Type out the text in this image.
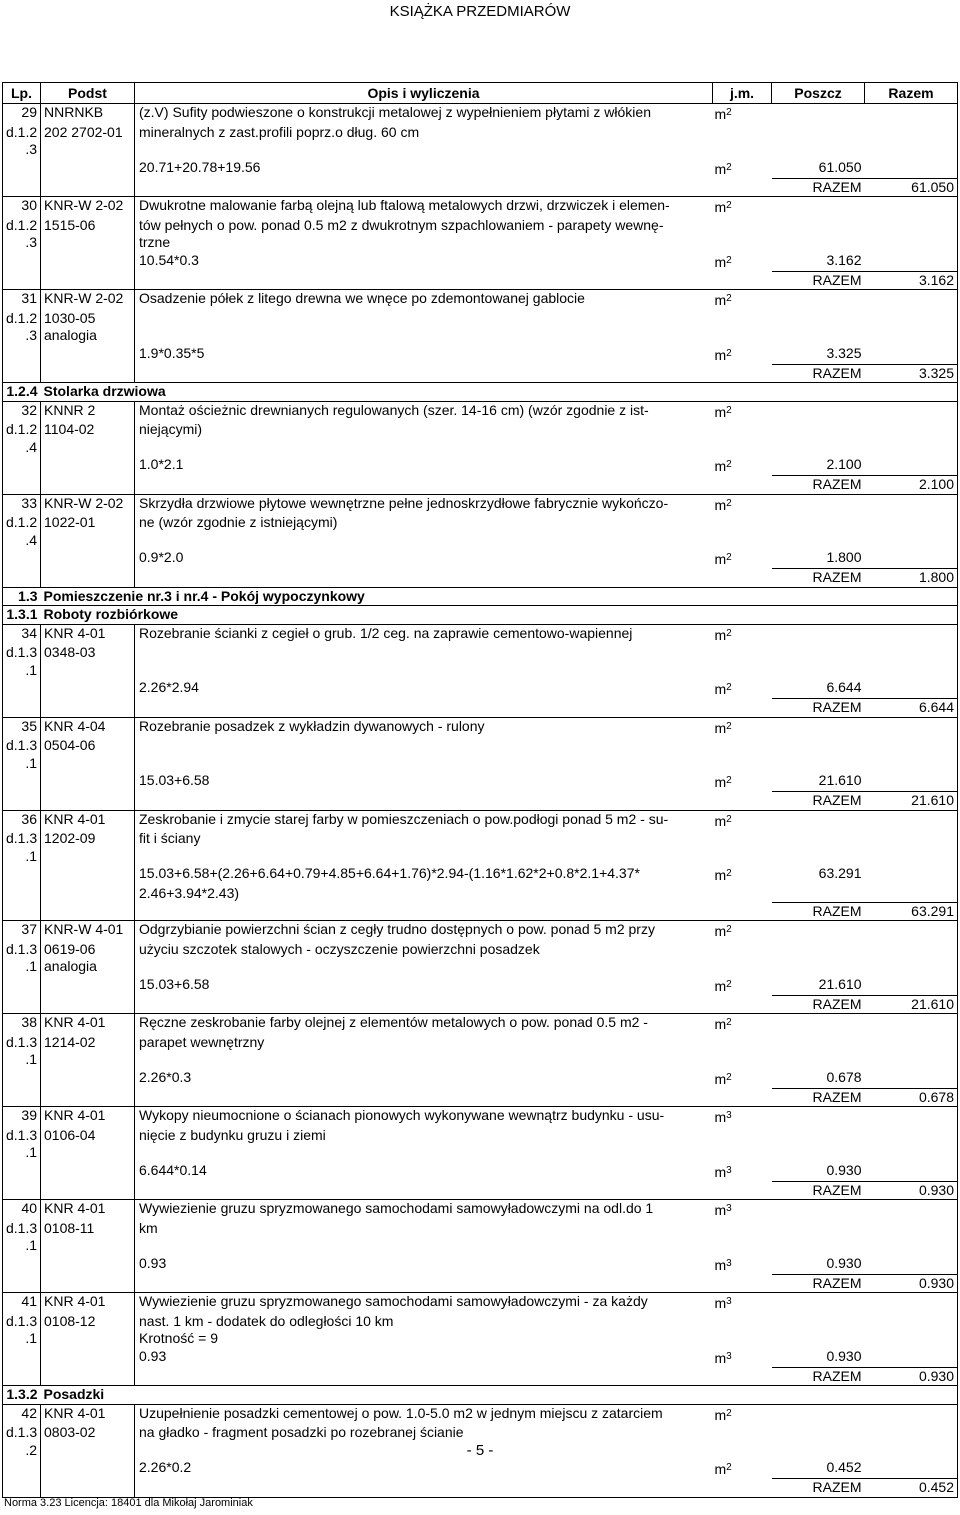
KSIĄŻKA PRZEDMIARÓW
Lp.	Podst	Opis i wyliczenia	j.m.	Poszcz	Razem
29	NNRNKB	(z.V) Sufity podwieszone o konstrukcji metalowej z wypełnieniem płytami z włókien	$m^2$		
d.1.2	202 2702-01	mineralnych z zast.profili poprz.o dług. 60 cm			
.3					
		20.71+20.78+19.56	$m^2$	61.050	
				RAZEM	61.050
30	KNR-W 2-02	Dwukrotne malowanie farbą olejną lub ftalową metalowych drzwi, drzwiczek i elemen-	$m^2$		
d.1.2	1515-06	tów pełnych o pow. ponad 0.5 m2 z dwukrotnym szpachlowaniem - parapety wewnę-			
.3		trzne			
		10.54*0.3	$m^2$	3.162	
				RAZEM	3.162
31	KNR-W 2-02	Osadzenie półek z litego drewna we wnęce po zdemontowanej gablocie	$m^2$		
d.1.2	1030-05				
.3	analogia				
		1.9*0.35*5	$m^2$	3.325	
				RAZEM	3.325
1.2.4	Stolarka drzwiowa				
32	KNNR 2	Montaż ościeżnic drewnianych regulowanych (szer. 14-16 cm) (wzór zgodnie z ist-	$m^2$		
d.1.2	1104-02	niejącymi)			
.4					
		1.0*2.1	$m^2$	2.100	
				RAZEM	2.100
33	KNR-W 2-02	Skrzydła drzwiowe płytowe wewnętrzne pełne jednoskrzydłowe fabrycznie wykończo-	$m^2$		
d.1.2	1022-01	ne (wzór zgodnie z istniejącymi)			
.4					
		0.9*2.0	$m^2$	1.800	
				RAZEM	1.800
1.3	Pomieszczenie nr.3 i nr.4 - Pokój wypoczynkowy				
1.3.1	Roboty rozbiórkowe				
34	KNR 4-01	Rozebranie ścianki z cegieł o grub. 1/2 ceg. na zaprawie cementowo-wapiennej	$m^2$		
d.1.3	0348-03				
.1					
		2.26*2.94	$m^2$	6.644	
				RAZEM	6.644
35	KNR 4-04	Rozebranie posadzek z wykładzin dywanowych - rulony	$m^2$		
d.1.3	0504-06				
.1					
		15.03+6.58	$m^2$	21.610	
				RAZEM	21.610
36	KNR 4-01	Zeskrobanie i zmycie starej farby w pomieszczeniach o pow.podłogi ponad 5 m2 - su-	$m^2$		
d.1.3	1202-09	fit i ściany			
.1					
		15.03+6.58+(2.26+6.64+0.79+4.85+6.64+1.76)*2.94-(1.16*1.62*2+0.8*2.1+4.37*	$m^2$	63.291	
		2.46+3.94*2.43)			
				RAZEM	63.291
37	KNR-W 4-01	Odgrzybianie powierzchni ścian z cegły trudno dostępnych o pow. ponad 5 m2 przy	$m^2$		
d.1.3	0619-06	użyciu szczotek stalowych - oczyszczenie powierzchni posadzek			
.1	analogia				
		15.03+6.58	$m^2$	21.610	
				RAZEM	21.610
38	KNR 4-01	Ręczne zeskrobanie farby olejnej z elementów metalowych o pow. ponad 0.5 m2 -	$m^2$		
d.1.3	1214-02	parapet wewnętrzny			
.1					
		2.26*0.3	$m^2$	0.678	
				RAZEM	0.678
39	KNR 4-01	Wykopy nieumocnione o ścianach pionowych wykonywane wewnątrz budynku - usu-	$m^3$		
d.1.3	0106-04	nięcie z budynku gruzu i ziemi			
.1					
		6.644*0.14	$m^3$	0.930	
				RAZEM	0.930
40	KNR 4-01	Wywiezienie gruzu spryzmowanego samochodami samowyładowczymi na odl.do 1	$m^3$		
d.1.3	0108-11	km			
.1					
		0.93	$m^3$	0.930	
				RAZEM	0.930
41	KNR 4-01	Wywiezienie gruzu spryzmowanego samochodami samowyładowczymi - za każdy	$m^3$		
d.1.3	0108-12	nast. 1 km - dodatek do odległości 10 km			
.1		Krotność = 9			
		0.93	$m^3$	0.930	
				RAZEM	0.930
1.3.2	Posadzki				
42	KNR 4-01	Uzupełnienie posadzki cementowej o pow. 1.0-5.0 m2 w jednym miejscu z zatarciem	$m^2$		
d.1.3	0803-02	na gładko - fragment posadzki po rozebranej ścianie			
.2					
		2.26*0.2	$m^2$	0.452	
				RAZEM	0.452
- 5 -
Norma 3.23 Licencja: 18401 dla Mikołaj Jarominiak
